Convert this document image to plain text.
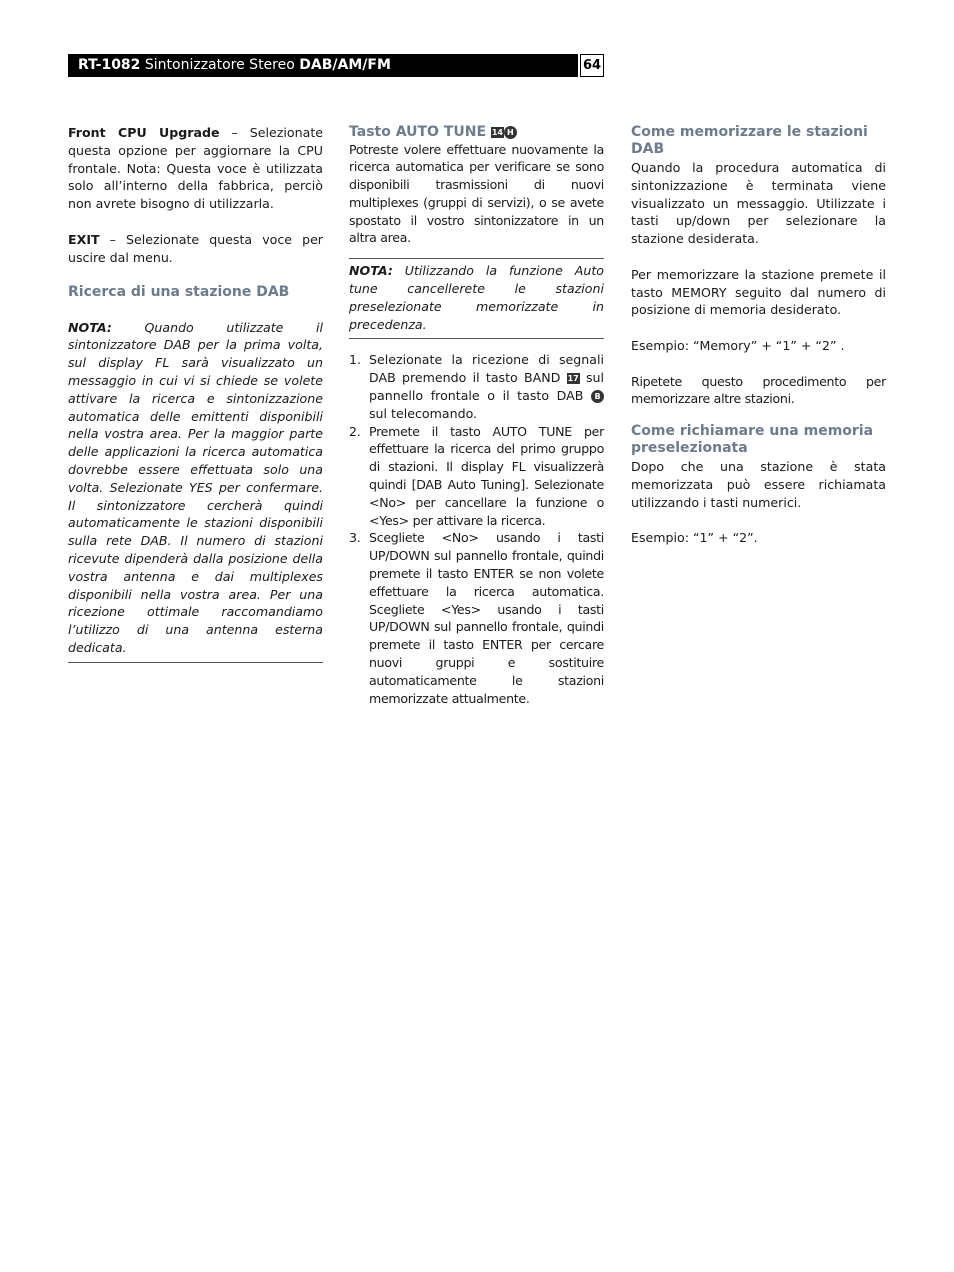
RT-1082 Sintonizzatore Stereo DAB/AM/FM	64

Front CPU Upgrade – Selezionate questa opzione per aggiornare la CPU frontale. Nota: Questa voce è utilizzata solo all’interno della fabbrica, perciò non avrete bisogno di utilizzarla.

EXIT – Selezionate questa voce per uscire dal menu.

Ricerca di una stazione DAB

NOTA: Quando utilizzate il sintonizzatore DAB per la prima volta, sul display FL sarà visualizzato un messaggio in cui vi si chiede se volete attivare la ricerca e sintonizzazione automatica delle emittenti disponibili nella vostra area. Per la maggior parte delle applicazioni la ricerca automatica dovrebbe essere effettuata solo una volta. Selezionate YES per confermare. Il sintonizzatore cercherà quindi automaticamente le stazioni disponibili sulla rete DAB. Il numero di stazioni ricevute dipenderà dalla posizione della vostra antenna e dai multiplexes disponibili nella vostra area. Per una ricezione ottimale raccomandiamo l’utilizzo di una antenna esterna dedicata.

Tasto AUTO TUNE 14 H

Potreste volere effettuare nuovamente la ricerca automatica per verificare se sono disponibili trasmissioni di nuovi multiplexes (gruppi di servizi), o se avete spostato il vostro sintonizzatore in un altra area.

NOTA: Utilizzando la funzione Auto tune cancellerete le stazioni preselezionate memorizzate in precedenza.

1. Selezionate la ricezione di segnali DAB premendo il tasto BAND 17 sul pannello frontale o il tasto DAB B sul telecomando.
2. Premete il tasto AUTO TUNE per effettuare la ricerca del primo gruppo di stazioni. Il display FL visualizzerà quindi [DAB Auto Tuning]. Selezionate <No> per cancellare la funzione o <Yes> per attivare la ricerca.
3. Scegliete <No> usando i tasti UP/DOWN sul pannello frontale, quindi premete il tasto ENTER se non volete effettuare la ricerca automatica. Scegliete <Yes> usando i tasti UP/DOWN sul pannello frontale, quindi premete il tasto ENTER per cercare nuovi gruppi e sostituire automaticamente le stazioni memorizzate attualmente.
Come memorizzare le stazioni DAB

Quando la procedura automatica di sintonizzazione è terminata viene visualizzato un messaggio. Utilizzate i tasti up/down per selezionare la stazione desiderata.

Per memorizzare la stazione premete il tasto MEMORY seguito dal numero di posizione di memoria desiderato.

Esempio: “Memory” + “1” + “2” .

Ripetete questo procedimento per memorizzare altre stazioni.

Come richiamare una memoria preselezionata

Dopo che una stazione è stata memorizzata può essere richiamata utilizzando i tasti numerici.

Esempio: “1” + “2”.
